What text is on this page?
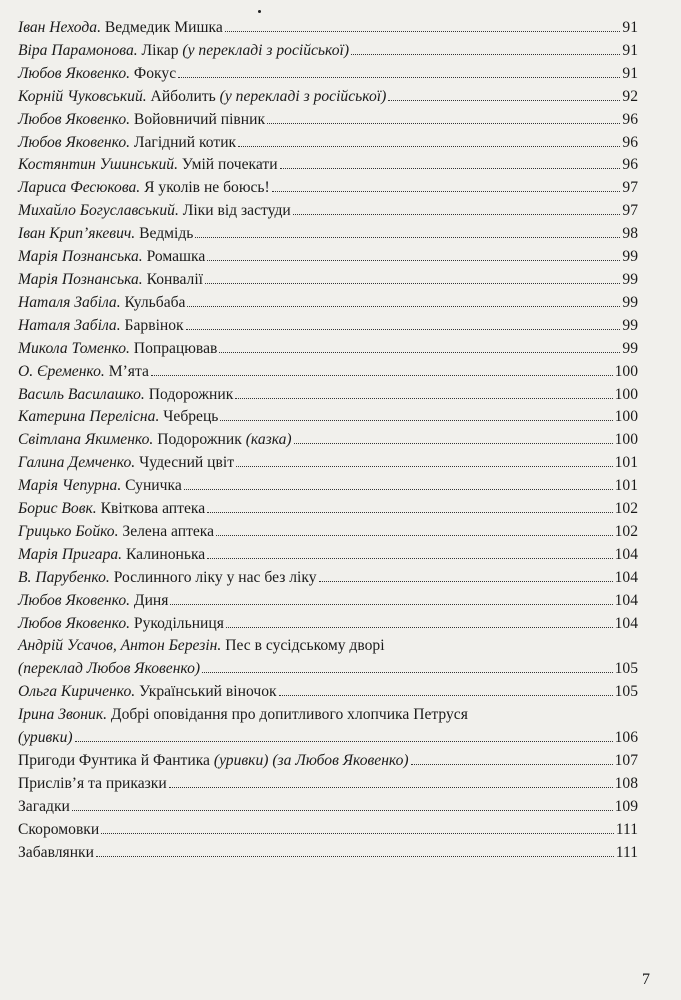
Іван Нехода. Ведмедик Мишка	91
Віра Парамонова. Лікар (у перекладі з російської)	91
Любов Яковенко. Фокус	91
Корній Чуковський. Айболить (у перекладі з російської)	92
Любов Яковенко. Войовничий півник	96
Любов Яковенко. Лагідний котик	96
Костянтин Ушинський. Умій почекати	96
Лариса Фесюкова. Я уколів не боюсь!	97
Михайло Богуславський. Ліки від застуди	97
Іван Крип’якевич. Ведмідь	98
Марія Познанська. Ромашка	99
Марія Познанська. Конвалії	99
Наталя Забіла. Кульбаба	99
Наталя Забіла. Барвінок	99
Микола Томенко. Попрацював	99
О. Єременко. М’ята	100
Василь Василашко. Подорожник	100
Катерина Перелісна. Чебрець	100
Світлана Якименко. Подорожник (казка)	100
Галина Демченко. Чудесний цвіт	101
Марія Чепурна. Суничка	101
Борис Вовк. Квіткова аптека	102
Грицько Бойко. Зелена аптека	102
Марія Пригара. Калинонька	104
В. Парубенко. Рослинного ліку у нас без ліку	104
Любов Яковенко. Диня	104
Любов Яковенко. Рукодільниця	104
Андрій Усачов, Антон Березін. Пес в сусідському дворі
(переклад Любов Яковенко)	105
Ольга Кириченко. Український віночок	105
Ірина Звоник. Добрі оповідання про допитливого хлопчика Петруся
(уривки)	106
Пригоди Фунтика й Фантика (уривки) (за Любов Яковенко)	107
Прислів’я та приказки	108
Загадки	109
Скоромовки	111
Забавлянки	111
7
